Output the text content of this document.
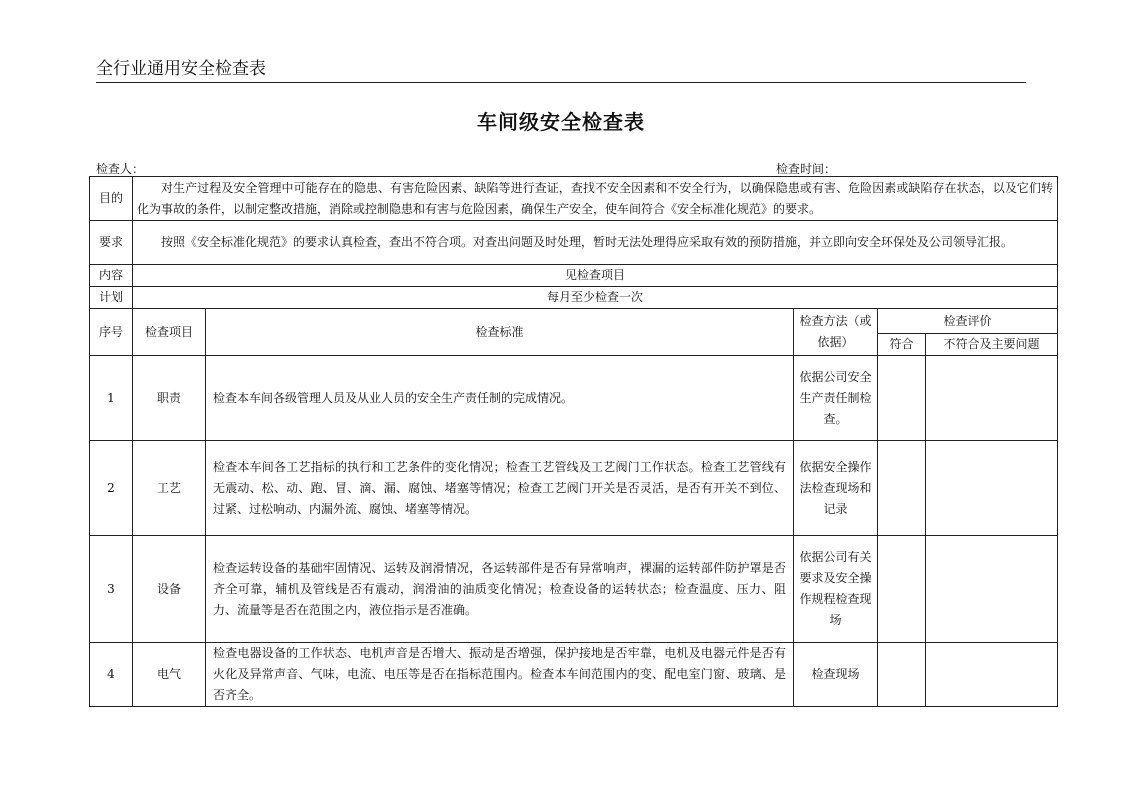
全行业通用安全检查表
车间级安全检查表
检查人：	检查时间：
目的	对生产过程及安全管理中可能存在的隐患、有害危险因素、缺陷等进行查证，查找不安全因素和不安全行为，以确保隐患或有害、危险因素或缺陷存在状态，以及它们转化为事故的条件，以制定整改措施，消除或控制隐患和有害与危险因素，确保生产安全，使车间符合《安全标准化规范》的要求。				
要求	按照《安全标准化规范》的要求认真检查，查出不符合项。对查出问题及时处理，暂时无法处理得应采取有效的预防措施，并立即向安全环保处及公司领导汇报。				
内容	见检查项目				
计划	每月至少检查一次				
序号	检查项目	检查标准	检查方法（或依据）	检查评价	
				符合	不符合及主要问题
1	职责	检查本车间各级管理人员及从业人员的安全生产责任制的完成情况。	依据公司安全生产责任制检查。		
2	工艺	检查本车间各工艺指标的执行和工艺条件的变化情况；检查工艺管线及工艺阀门工作状态。检查工艺管线有无震动、松、动、跑、冒、滴、漏、腐蚀、堵塞等情况；检查工艺阀门开关是否灵活，是否有开关不到位、过紧、过松响动、内漏外流、腐蚀、堵塞等情况。	依据安全操作法检查现场和记录		
3	设备	检查运转设备的基础牢固情况、运转及润滑情况，各运转部件是否有异常响声，裸漏的运转部件防护罩是否齐全可靠，辅机及管线是否有震动，润滑油的油质变化情况；检查设备的运转状态；检查温度、压力、阻力、流量等是否在范围之内，液位指示是否准确。	依据公司有关要求及安全操作规程检查现场		
4	电气	检查电器设备的工作状态、电机声音是否增大、振动是否增强，保护接地是否牢靠，电机及电器元件是否有火化及异常声音、气味，电流、电压等是否在指标范围内。检查本车间范围内的变、配电室门窗、玻璃、是否齐全。	检查现场		
